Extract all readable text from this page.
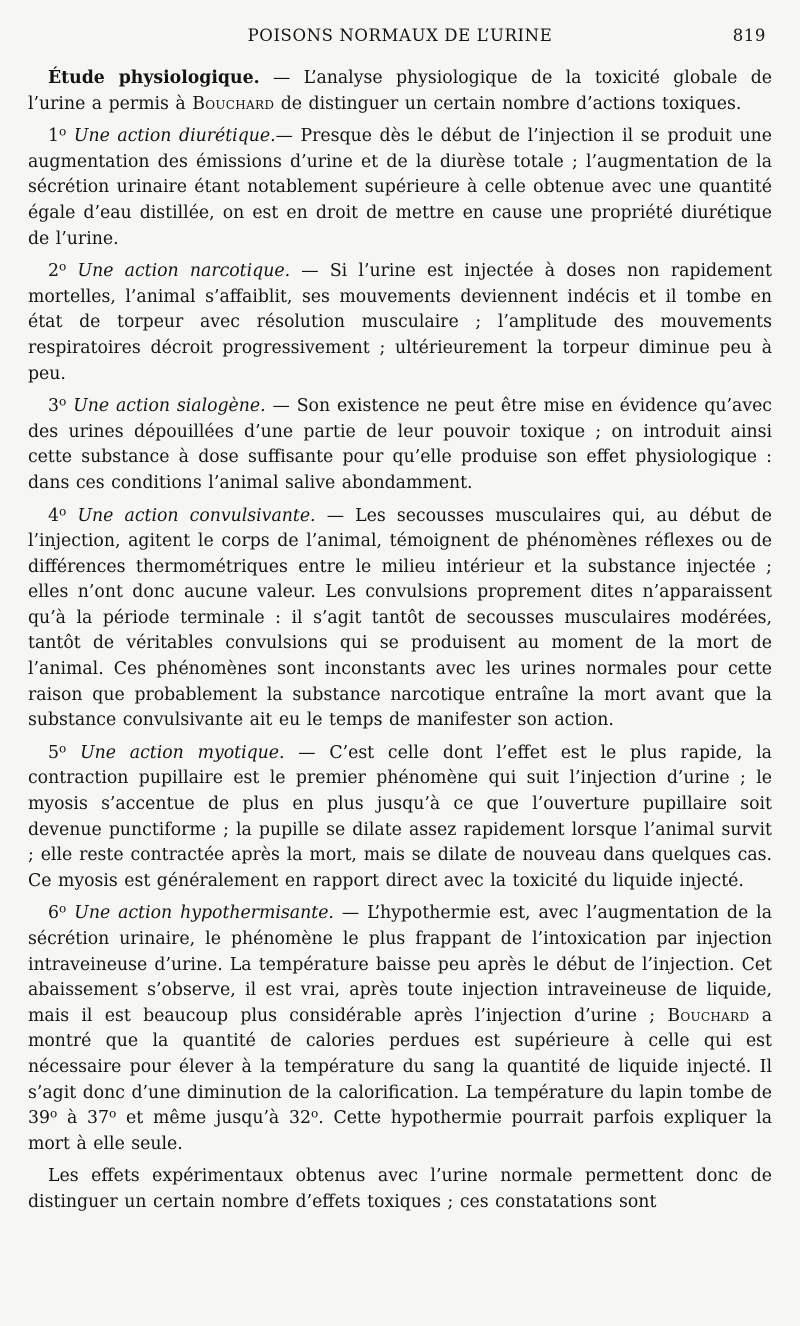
POISONS NORMAUX DE L’URINE	819

Étude physiologique. — L’analyse physiologique de la toxicité globale de l’urine a permis à Bouchard de distinguer un certain nombre d’actions toxiques.

1$^o$ Une action diurétique.— Presque dès le début de l’injection il se produit une augmentation des émissions d’urine et de la diurèse totale ; l’augmentation de la sécrétion urinaire étant notablement supérieure à celle obtenue avec une quantité égale d’eau distillée, on est en droit de mettre en cause une propriété diurétique de l’urine.

2$^o$ Une action narcotique. — Si l’urine est injectée à doses non rapidement mortelles, l’animal s’affaiblit, ses mouvements deviennent indécis et il tombe en état de torpeur avec résolution musculaire ; l’amplitude des mouvements respiratoires décroit progressivement ; ultérieurement la torpeur diminue peu à peu.

3$^o$ Une action sialogène. — Son existence ne peut être mise en évidence qu’avec des urines dépouillées d’une partie de leur pouvoir toxique ; on introduit ainsi cette substance à dose suffisante pour qu’elle produise son effet physiologique : dans ces conditions l’animal salive abondamment.

4$^o$ Une action convulsivante. — Les secousses musculaires qui, au début de l’injection, agitent le corps de l’animal, témoignent de phénomènes réflexes ou de différences thermométriques entre le milieu intérieur et la substance injectée ; elles n’ont donc aucune valeur. Les convulsions proprement dites n’apparaissent qu’à la période terminale : il s’agit tantôt de secousses musculaires modérées, tantôt de véritables convulsions qui se produisent au moment de la mort de l’animal. Ces phénomènes sont inconstants avec les urines normales pour cette raison que probablement la substance narcotique entraîne la mort avant que la substance convulsivante ait eu le temps de manifester son action.

5$^o$ Une action myotique. — C’est celle dont l’effet est le plus rapide, la contraction pupillaire est le premier phénomène qui suit l’injection d’urine ; le myosis s’accentue de plus en plus jusqu’à ce que l’ouverture pupillaire soit devenue punctiforme ; la pupille se dilate assez rapidement lorsque l’animal survit ; elle reste contractée après la mort, mais se dilate de nouveau dans quelques cas. Ce myosis est généralement en rapport direct avec la toxicité du liquide injecté.

6$^o$ Une action hypothermisante. — L’hypothermie est, avec l’augmentation de la sécrétion urinaire, le phénomène le plus frappant de l’intoxication par injection intraveineuse d’urine. La température baisse peu après le début de l’injection. Cet abaissement s’observe, il est vrai, après toute injection intraveineuse de liquide, mais il est beaucoup plus considérable après l’injection d’urine ; Bouchard a montré que la quantité de calories perdues est supérieure à celle qui est nécessaire pour élever à la température du sang la quantité de liquide injecté. Il s’agit donc d’une diminution de la calorification. La température du lapin tombe de 39$^o$ à 37$^o$ et même jusqu’à 32$^o$. Cette hypothermie pourrait parfois expliquer la mort à elle seule.

Les effets expérimentaux obtenus avec l’urine normale permettent donc de distinguer un certain nombre d’effets toxiques ; ces constatations sont
